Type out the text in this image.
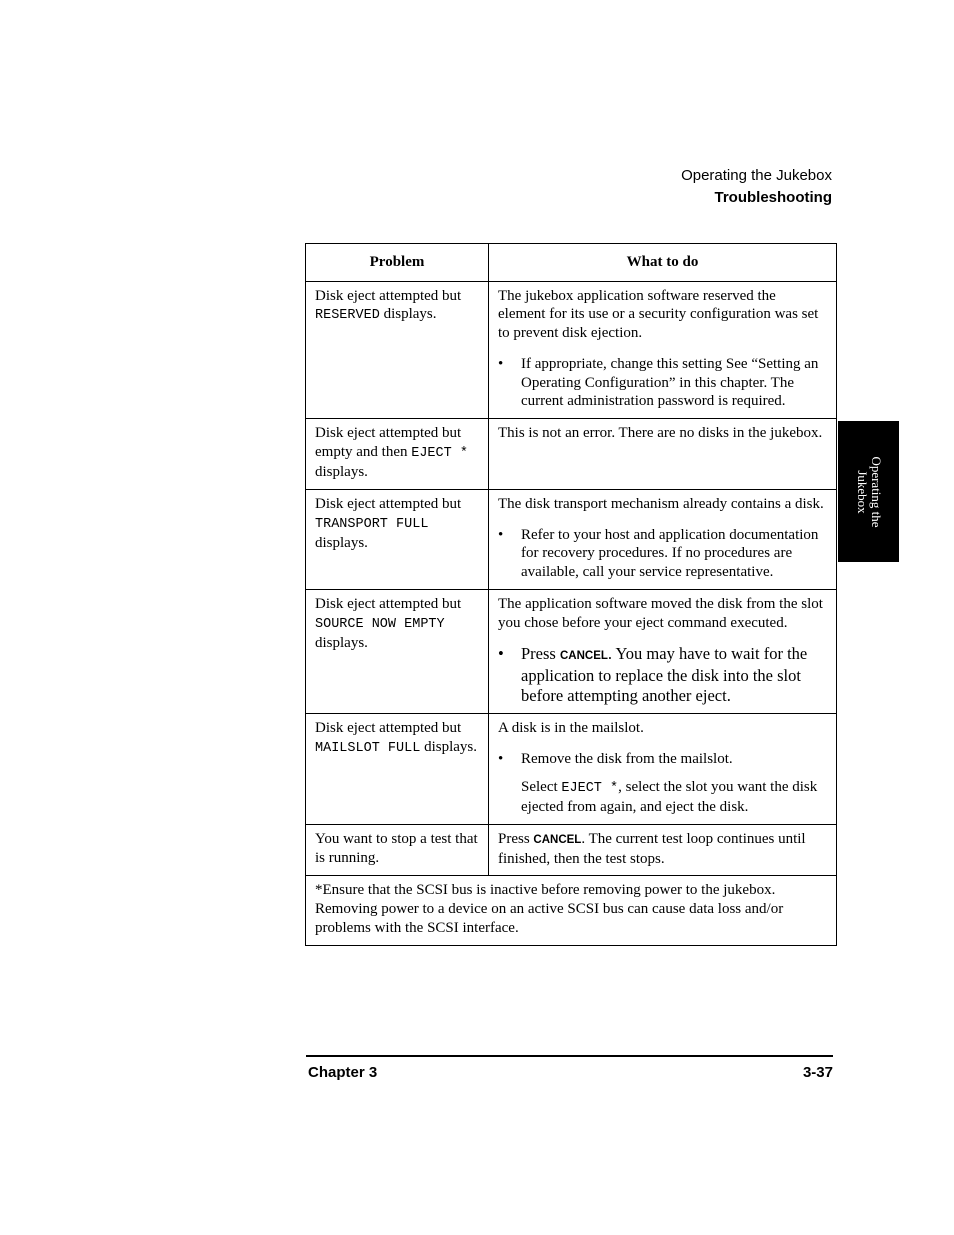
Operating the Jukebox
Troubleshooting
Operating the
Jukebox
Problem	What to do
Disk eject attempted but RESERVED displays.	The jukebox application software reserved the element for its use or a security configuration was set to prevent disk ejection.

• If appropriate, change this setting See “Setting an Operating Configuration” in this chapter. The current administration password is required.

Disk eject attempted but empty and then EJECT * displays.	This is not an error. There are no disks in the jukebox.

Disk eject attempted but TRANSPORT FULL displays.	The disk transport mechanism already contains a disk.

• Refer to your host and application documentation for recovery procedures. If no procedures are available, call your service representative.

Disk eject attempted but SOURCE NOW EMPTY displays.	The application software moved the disk from the slot you chose before your eject command executed.

• Press CANCEL. You may have to wait for the application to replace the disk into the slot before attempting another eject.

Disk eject attempted but MAILSLOT FULL displays.	A disk is in the mailslot.

• Remove the disk from the mailslot.

Select EJECT *, select the slot you want the disk ejected from again, and eject the disk.

You want to stop a test that is running.	Press CANCEL. The current test loop continues until finished, then the test stops.
*Ensure that the SCSI bus is inactive before removing power to the jukebox. Removing power to a device on an active SCSI bus can cause data loss and/or problems with the SCSI interface.	
Chapter 3	3-37
